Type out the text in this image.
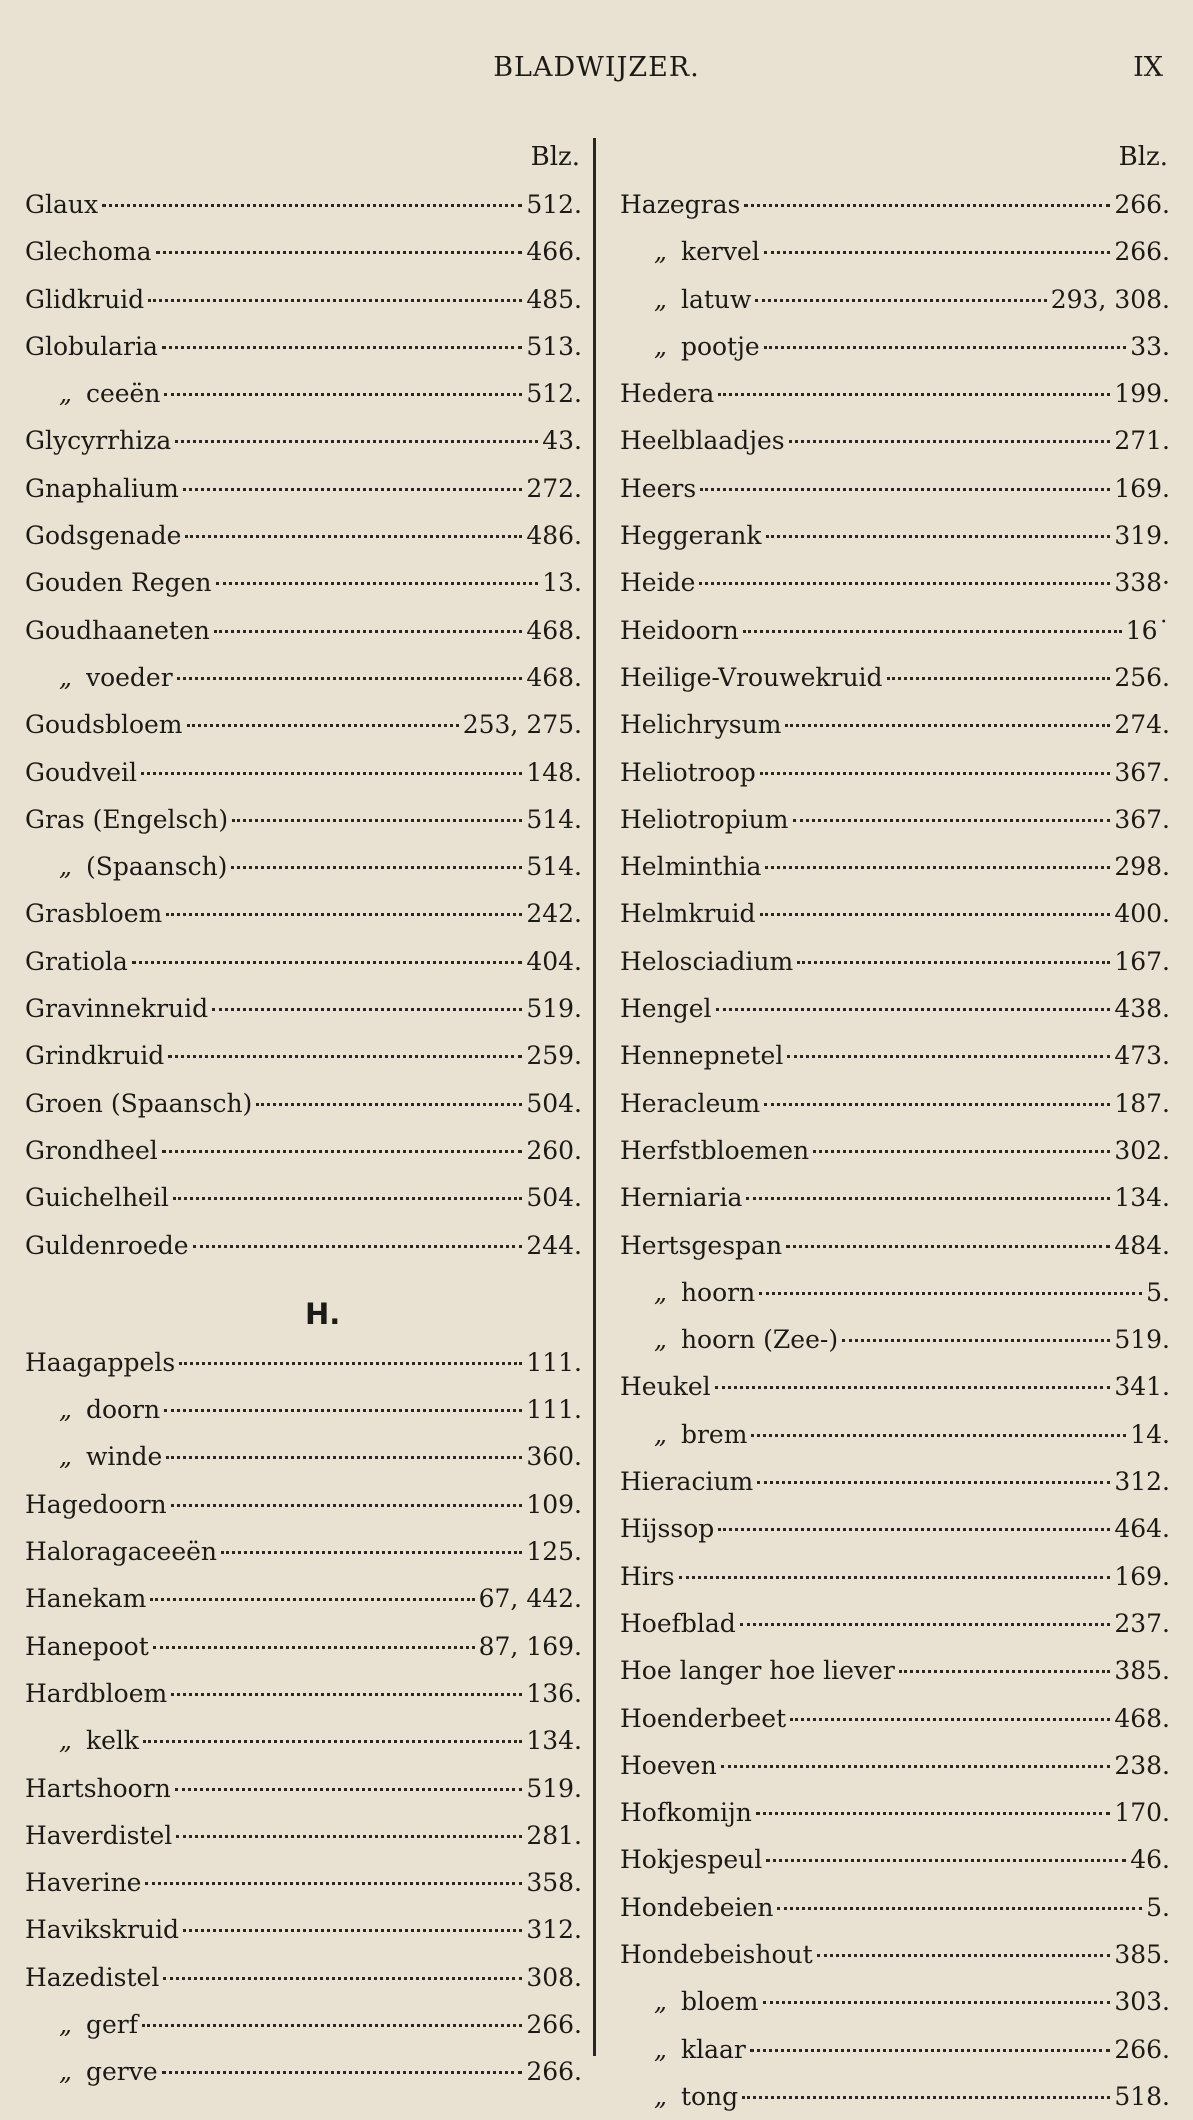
BLADWIJZER.	IX
Blz.
Glaux	512.
Glechoma	466.
Glidkruid	485.
Globularia	513.
„ ceeën	512.
Glycyrrhiza	43.
Gnaphalium	272.
Godsgenade	486.
Gouden Regen	13.
Goudhaaneten	468.
„ voeder	468.
Goudsbloem	253, 275.
Goudveil	148.
Gras (Engelsch)	514.
„ (Spaansch)	514.
Grasbloem	242.
Gratiola	404.
Gravinnekruid	519.
Grindkruid	259.
Groen (Spaansch)	504.
Grondheel	260.
Guichelheil	504.
Guldenroede	244.
H.
Haagappels	111.
„ doorn	111.
„ winde	360.
Hagedoorn	109.
Haloragaceeën	125.
Hanekam	67, 442.
Hanepoot	87, 169.
Hardbloem	136.
„ kelk	134.
Hartshoorn	519.
Haverdistel	281.
Haverine	358.
Havikskruid	312.
Hazedistel	308.
„ gerf	266.
„ gerve	266.
Blz.
Hazegras	266.
„ kervel	266.
„ latuw	293, 308.
„ pootje	33.
Hedera	199.
Heelblaadjes	271.
Heers	169.
Heggerank	319.
Heide	338·
Heidoorn	16˙
Heilige-Vrouwekruid	256.
Helichrysum	274.
Heliotroop	367.
Heliotropium	367.
Helminthia	298.
Helmkruid	400.
Helosciadium	167.
Hengel	438.
Hennepnetel	473.
Heracleum	187.
Herfstbloemen	302.
Herniaria	134.
Hertsgespan	484.
„ hoorn	5.
„ hoorn (Zee-)	519.
Heukel	341.
„ brem	14.
Hieracium	312.
Hijssop	464.
Hirs	169.
Hoefblad	237.
Hoe langer hoe liever	385.
Hoenderbeet	468.
Hoeven	238.
Hofkomijn	170.
Hokjespeul	46.
Hondebeien	5.
Hondebeishout	385.
„ bloem	303.
„ klaar	266.
„ tong	518.
